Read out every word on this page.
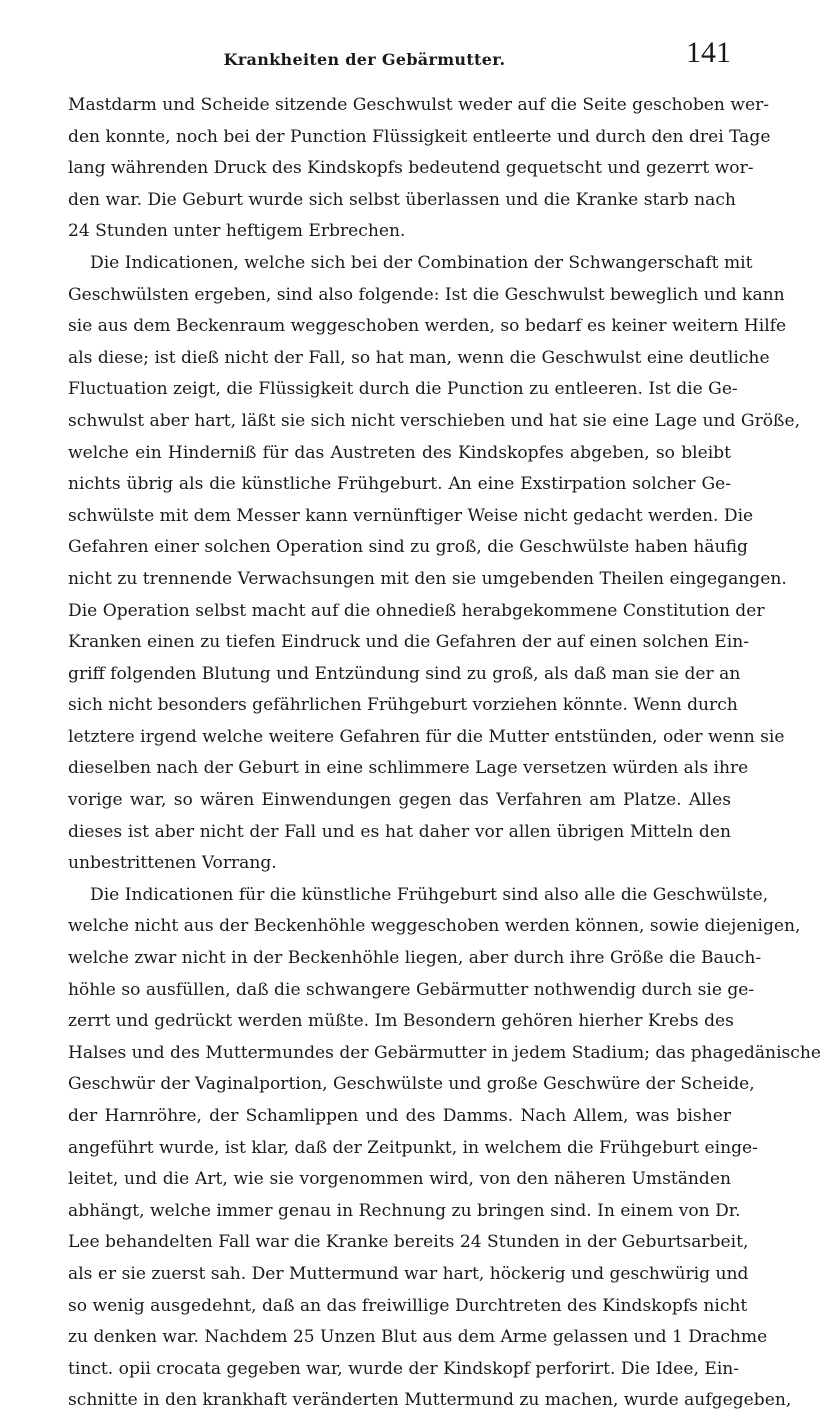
Krankheiten der Gebärmutter.	141
Mastdarm und Scheide sitzende Geschwulst weder auf die Seite geschoben wer-
den konnte, noch bei der Punction Flüssigkeit entleerte und durch den drei Tage
lang währenden Druck des Kindskopfs bedeutend gequetscht und gezerrt wor-
den war. Die Geburt wurde sich selbst überlassen und die Kranke starb nach
24 Stunden unter heftigem Erbrechen.
Die Indicationen, welche sich bei der Combination der Schwangerschaft mit
Geschwülsten ergeben, sind also folgende: Ist die Geschwulst beweglich und kann
sie aus dem Beckenraum weggeschoben werden, so bedarf es keiner weitern Hilfe
als diese; ist dieß nicht der Fall, so hat man, wenn die Geschwulst eine deutliche
Fluctuation zeigt, die Flüssigkeit durch die Punction zu entleeren. Ist die Ge-
schwulst aber hart, läßt sie sich nicht verschieben und hat sie eine Lage und Größe,
welche ein Hinderniß für das Austreten des Kindskopfes abgeben, so bleibt
nichts übrig als die künstliche Frühgeburt. An eine Exstirpation solcher Ge-
schwülste mit dem Messer kann vernünftiger Weise nicht gedacht werden. Die
Gefahren einer solchen Operation sind zu groß, die Geschwülste haben häufig
nicht zu trennende Verwachsungen mit den sie umgebenden Theilen eingegangen.
Die Operation selbst macht auf die ohnedieß herabgekommene Constitution der
Kranken einen zu tiefen Eindruck und die Gefahren der auf einen solchen Ein-
griff folgenden Blutung und Entzündung sind zu groß, als daß man sie der an
sich nicht besonders gefährlichen Frühgeburt vorziehen könnte. Wenn durch
letztere irgend welche weitere Gefahren für die Mutter entstünden, oder wenn sie
dieselben nach der Geburt in eine schlimmere Lage versetzen würden als ihre
vorige war, so wären Einwendungen gegen das Verfahren am Platze. Alles
dieses ist aber nicht der Fall und es hat daher vor allen übrigen Mitteln den
unbestrittenen Vorrang.
Die Indicationen für die künstliche Frühgeburt sind also alle die Geschwülste,
welche nicht aus der Beckenhöhle weggeschoben werden können, sowie diejenigen,
welche zwar nicht in der Beckenhöhle liegen, aber durch ihre Größe die Bauch-
höhle so ausfüllen, daß die schwangere Gebärmutter nothwendig durch sie ge-
zerrt und gedrückt werden müßte. Im Besondern gehören hierher Krebs des
Halses und des Muttermundes der Gebärmutter in jedem Stadium; das phagedänische
Geschwür der Vaginalportion, Geschwülste und große Geschwüre der Scheide,
der Harnröhre, der Schamlippen und des Damms. Nach Allem, was bisher
angeführt wurde, ist klar, daß der Zeitpunkt, in welchem die Frühgeburt einge-
leitet, und die Art, wie sie vorgenommen wird, von den näheren Umständen
abhängt, welche immer genau in Rechnung zu bringen sind. In einem von Dr.
Lee behandelten Fall war die Kranke bereits 24 Stunden in der Geburtsarbeit,
als er sie zuerst sah. Der Muttermund war hart, höckerig und geschwürig und
so wenig ausgedehnt, daß an das freiwillige Durchtreten des Kindskopfs nicht
zu denken war. Nachdem 25 Unzen Blut aus dem Arme gelassen und 1 Drachme
tinct. opii crocata gegeben war, wurde der Kindskopf perforirt. Die Idee, Ein-
schnitte in den krankhaft veränderten Muttermund zu machen, wurde aufgegeben,
